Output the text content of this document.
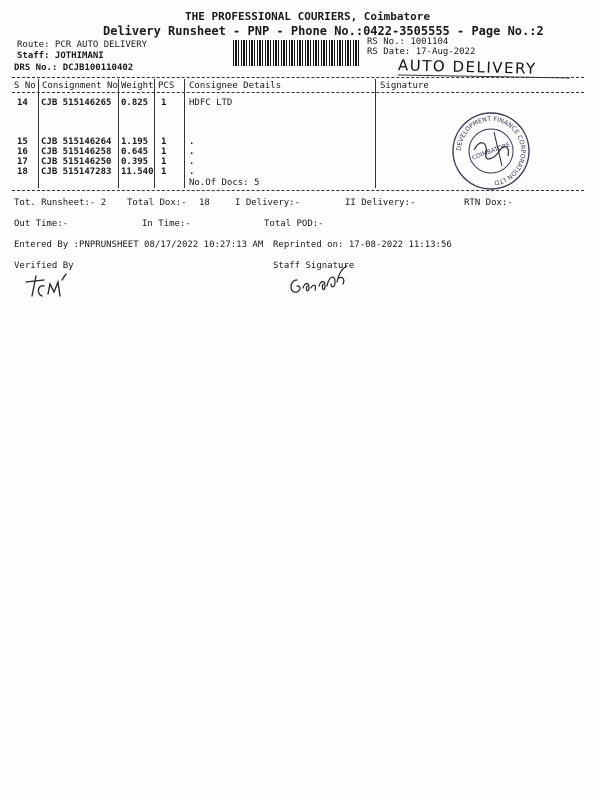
THE PROFESSIONAL COURIERS, Coimbatore
Delivery Runsheet - PNP - Phone No.:0422-3505555 - Page No.:2
Route: PCR AUTO DELIVERY
Staff: JOTHIMANI
DRS No.: DCJB100110402
RS No.: 1001104
RS Date: 17-Aug-2022
AUTO DELIVERY
S No Consignment No Weight PCS Consignee Details	Signature
14 CJB 515146265 0.825 1	HDFC LTD
15 CJB 515146264 1.195 1	.
16 CJB 515146258 0.645 1	.
17 CJB 515146250 0.395 1	.
18 CJB 515147283 11.540 1	.
No.Of Docs: 5
DEVELOPMENT FINANCE CORPORATION LTD
COIMBATORE
Tot. Runsheet:- 2 Total Dox:- 18	I Delivery:-	II Delivery:-	RTN Dox:-
Out Time:-	In Time:-	Total POD:-
Entered By :PNPRUNSHEET 08/17/2022 10:27:13 AM Reprinted on: 17-08-2022 11:13:56
Verified By	Staff Signature
